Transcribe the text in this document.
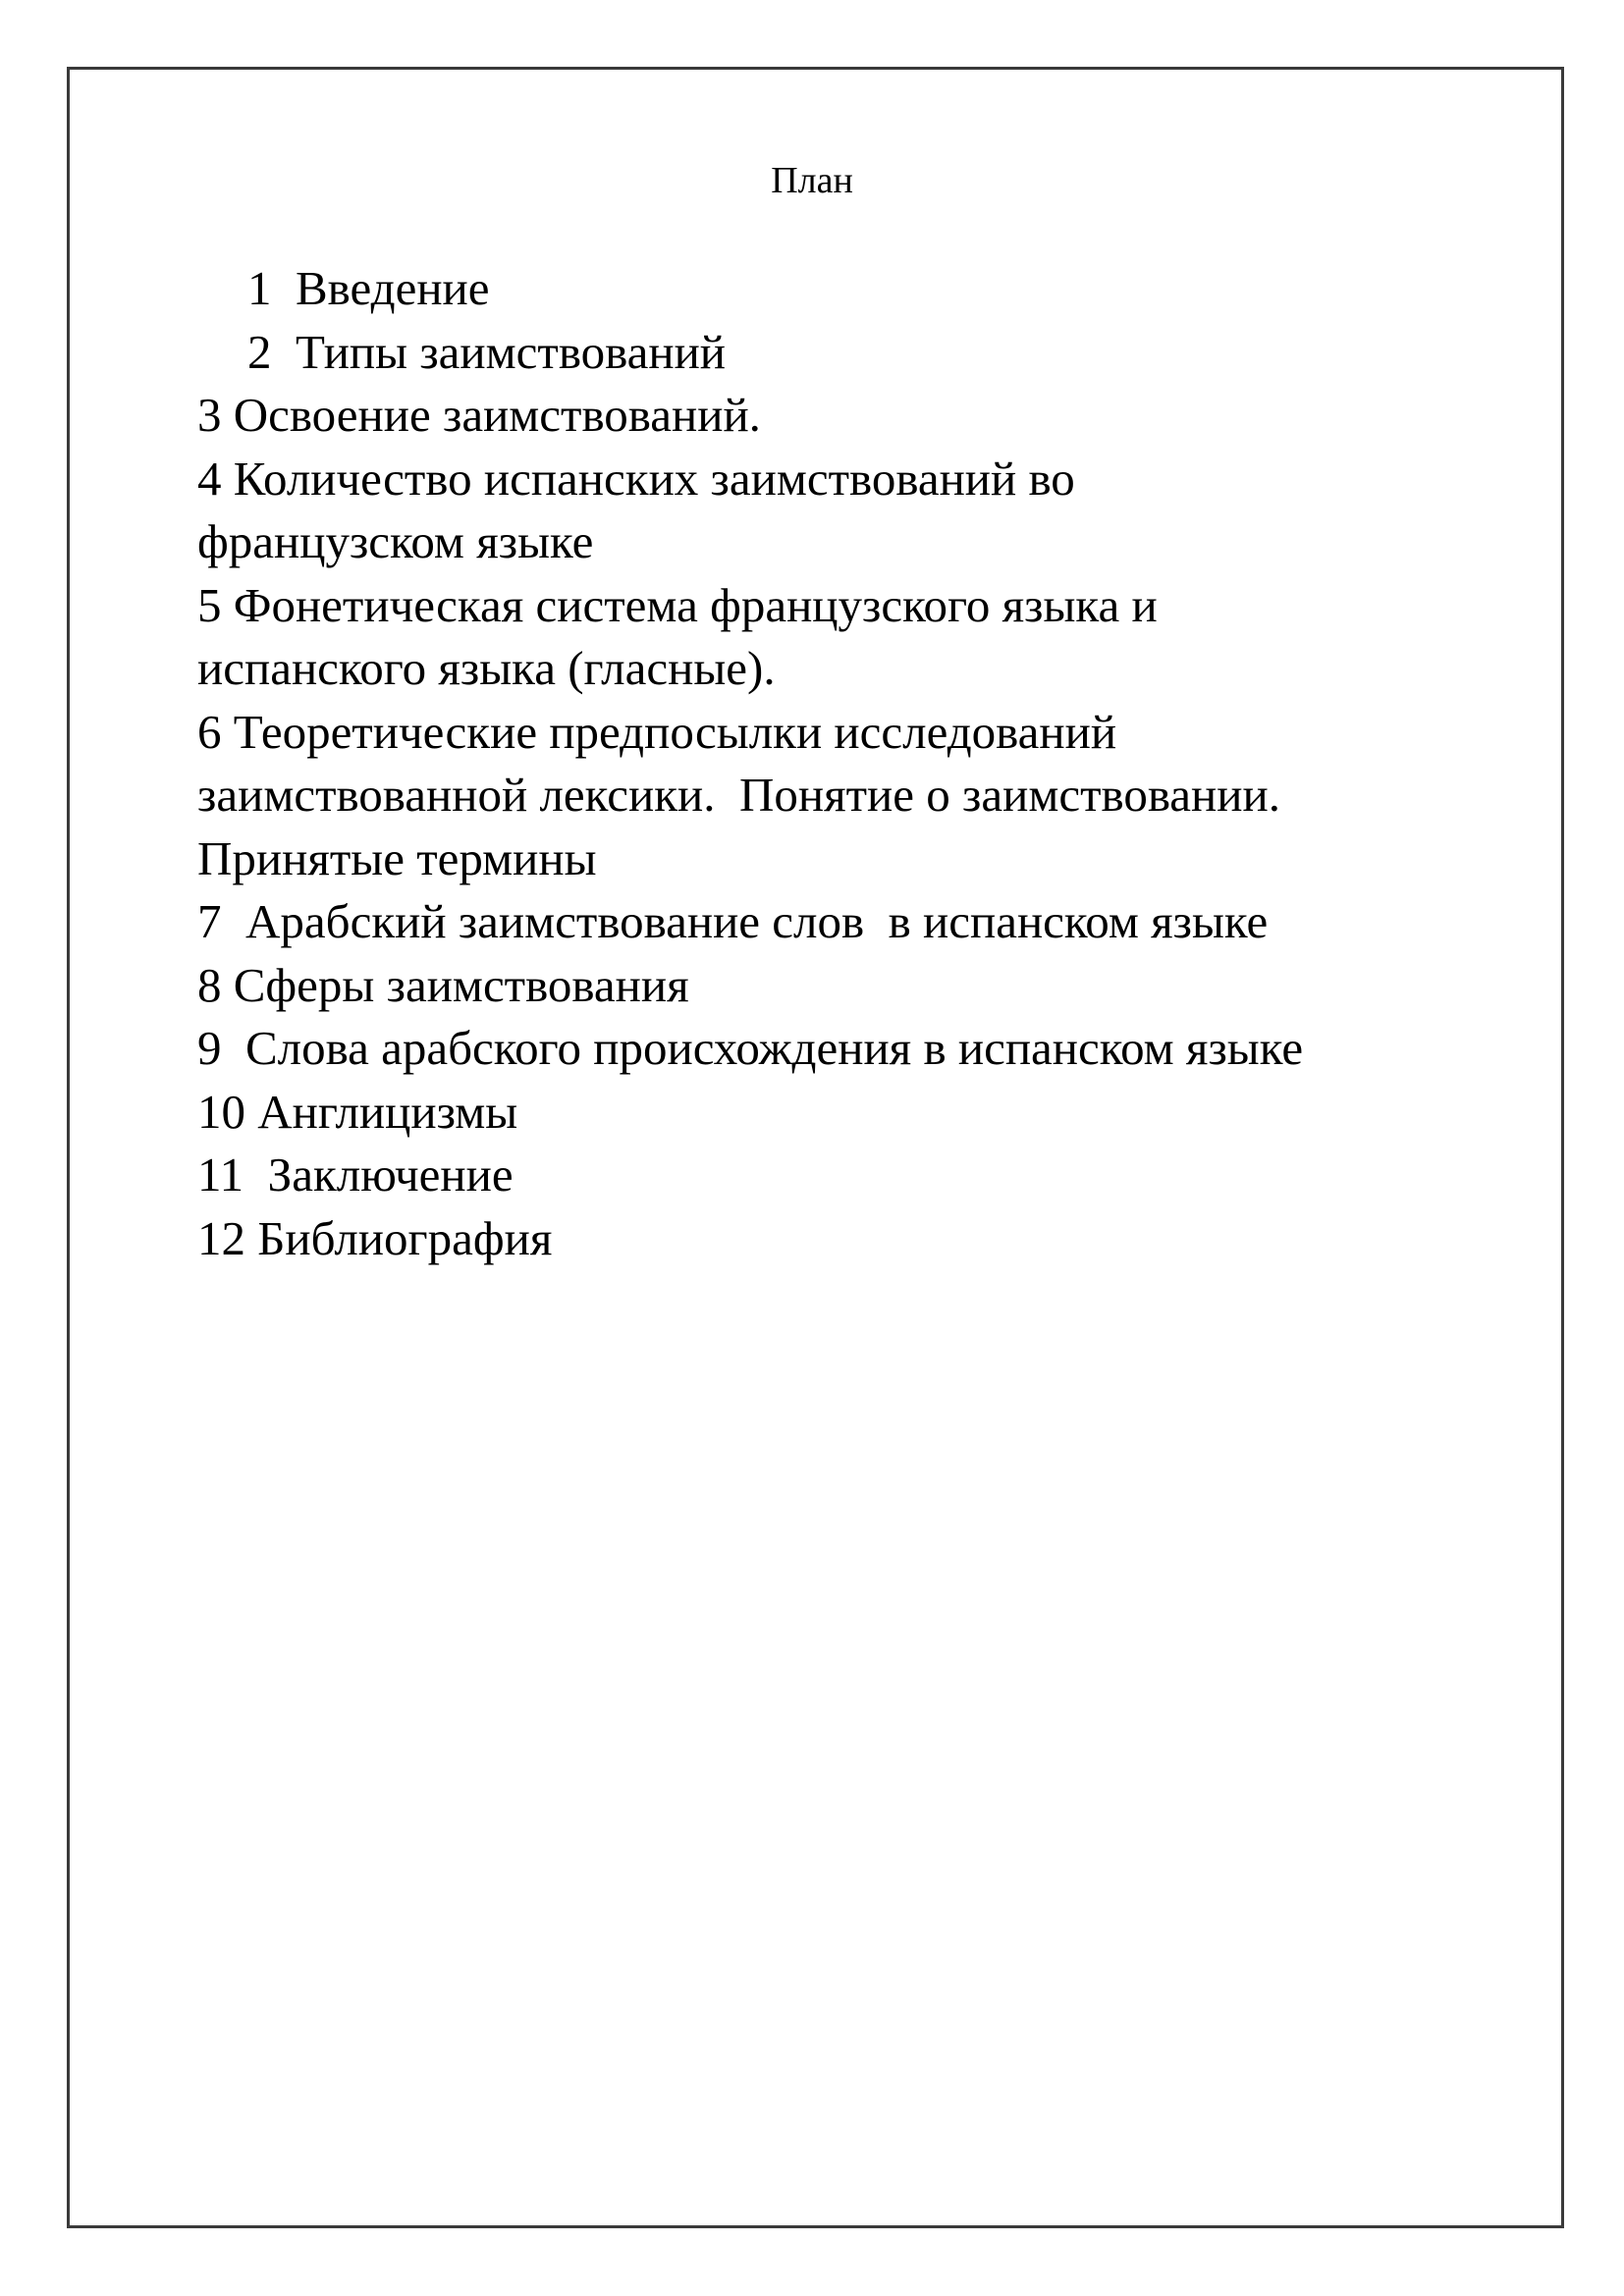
План
1  Введение
2  Типы заимствований
3 Освоение заимствований.
4 Количество испанских заимствований во
французском языке
5 Фонетическая система французского языка и
испанского языка (гласные).
6 Теоретические предпосылки исследований
заимствованной лексики.  Понятие о заимствовании.
Принятые термины
7  Арабский заимствование слов  в испанском языке
8 Сферы заимствования
9  Слова арабского происхождения в испанском языке
10 Англицизмы
11  Заключение
12 Библиография
